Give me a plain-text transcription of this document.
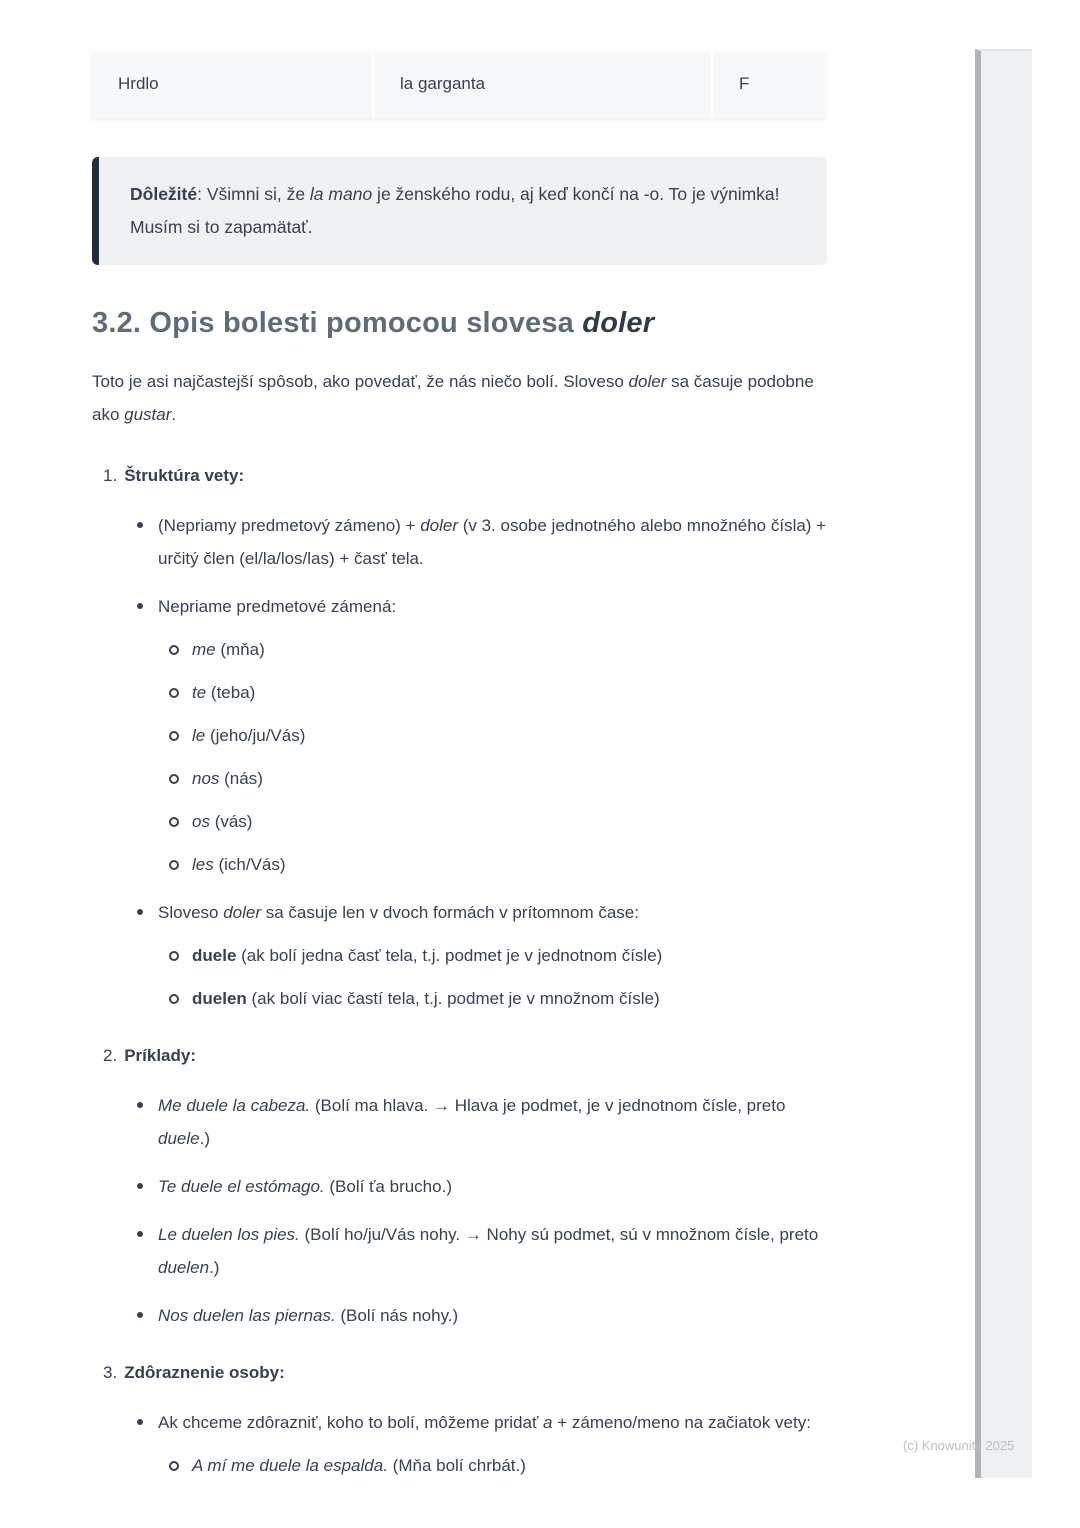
Hrdlo	la garganta	F
Dôležité: Všimni si, že la mano je ženského rodu, aj keď končí na -o. To je výnimka! Musím si to zapamätať.
3.2. Opis bolesti pomocou slovesa doler

Toto je asi najčastejší spôsob, ako povedať, že nás niečo bolí. Sloveso doler sa časuje podobne ako gustar.

1. Štruktúra vety:
(Nepriamy predmetový zámeno) + doler (v 3. osobe jednotného alebo množného čísla) + určitý člen (el/la/los/las) + časť tela.
Nepriame predmetové zámená:
me (mňa)
te (teba)
le (jeho/ju/Vás)
nos (nás)
os (vás)
les (ich/Vás)
Sloveso doler sa časuje len v dvoch formách v prítomnom čase:
duele (ak bolí jedna časť tela, t.j. podmet je v jednotnom čísle)
duelen (ak bolí viac častí tela, t.j. podmet je v množnom čísle)
2. Príklady:
Me duele la cabeza. (Bolí ma hlava. → Hlava je podmet, je v jednotnom čísle, preto duele.)
Te duele el estómago. (Bolí ťa brucho.)
Le duelen los pies. (Bolí ho/ju/Vás nohy. → Nohy sú podmet, sú v množnom čísle, preto duelen.)
Nos duelen las piernas. (Bolí nás nohy.)
3. Zdôraznenie osoby:
Ak chceme zdôrazniť, koho to bolí, môžeme pridať a + zámeno/meno na začiatok vety:
A mí me duele la espalda. (Mňa bolí chrbát.)
(c) Knowunity 2025
